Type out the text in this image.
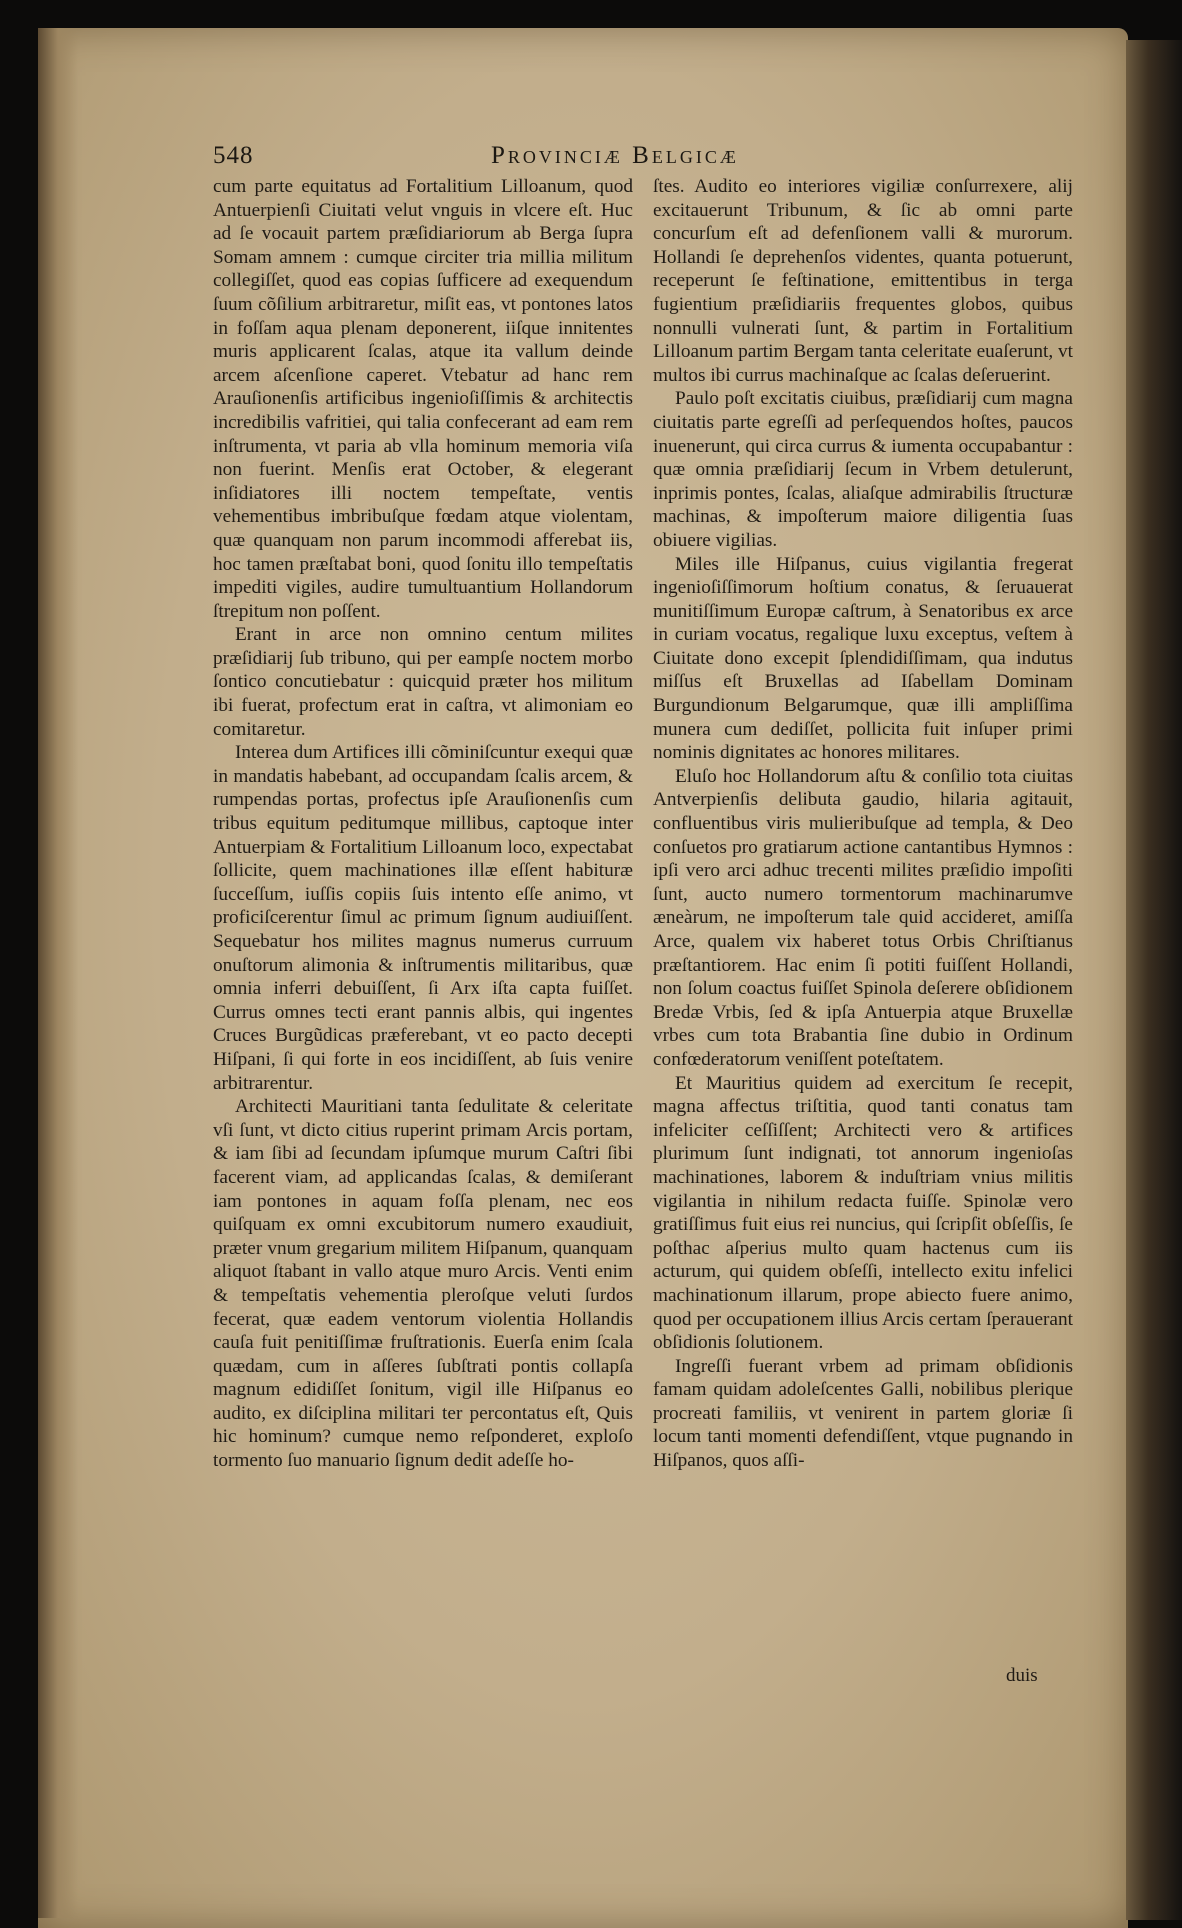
548	Provinciæ Belgicæ

cum parte equitatus ad Fortalitium Lilloanum, quod Antuerpienſi Ciuitati velut vnguis in vlcere eſt. Huc ad ſe vocauit partem præſidiariorum ab Berga ſupra Somam amnem : cumque circiter tria millia militum collegiſſet, quod eas copias ſufficere ad exequendum ſuum cõſilium arbitraretur, miſit eas, vt pontones latos in foſſam aqua plenam deponerent, iiſque innitentes muris applicarent ſcalas, atque ita vallum deinde arcem aſcenſione caperet. Vtebatur ad hanc rem Arauſionenſis artificibus ingenioſiſſimis & architectis incredibilis vafritiei, qui talia confecerant ad eam rem inſtrumenta, vt paria ab vlla hominum memoria viſa non fuerint. Menſis erat October, & elegerant inſidiatores illi noctem tempeſtate, ventis vehementibus imbribuſque fœdam atque violentam, quæ quanquam non parum incommodi afferebat iis, hoc tamen præſtabat boni, quod ſonitu illo tempeſtatis impediti vigiles, audire tumultuantium Hollandorum ſtrepitum non poſſent.

Erant in arce non omnino centum milites præſidiarij ſub tribuno, qui per eampſe noctem morbo ſontico concutiebatur : quicquid præter hos militum ibi fuerat, profectum erat in caſtra, vt alimoniam eo comitaretur.

Interea dum Artifices illi cõminiſcuntur exequi quæ in mandatis habebant, ad occupandam ſcalis arcem, & rumpendas portas, profectus ipſe Arauſionenſis cum tribus equitum peditumque millibus, captoque inter Antuerpiam & Fortalitium Lilloanum loco, expectabat ſollicite, quem machinationes illæ eſſent habituræ ſucceſſum, iuſſis copiis ſuis intento eſſe animo, vt proficiſcerentur ſimul ac primum ſignum audiuiſſent. Sequebatur hos milites magnus numerus curruum onuſtorum alimonia & inſtrumentis militaribus, quæ omnia inferri debuiſſent, ſi Arx iſta capta fuiſſet. Currus omnes tecti erant pannis albis, qui ingentes Cruces Burgũdicas præferebant, vt eo pacto decepti Hiſpani, ſi qui forte in eos incidiſſent, ab ſuis venire arbitrarentur.

Architecti Mauritiani tanta ſedulitate & celeritate vſi ſunt, vt dicto citius ruperint primam Arcis portam, & iam ſibi ad ſecundam ipſumque murum Caſtri ſibi facerent viam, ad applicandas ſcalas, & demiſerant iam pontones in aquam foſſa plenam, nec eos quiſquam ex omni excubitorum numero exaudiuit, præter vnum gregarium militem Hiſpanum, quanquam aliquot ſtabant in vallo atque muro Arcis. Venti enim & tempeſtatis vehementia pleroſque veluti ſurdos fecerat, quæ eadem ventorum violentia Hollandis cauſa fuit penitiſſimæ fruſtrationis. Euerſa enim ſcala quædam, cum in aſſeres ſubſtrati pontis collapſa magnum edidiſſet ſonitum, vigil ille Hiſpanus eo audito, ex diſciplina militari ter percontatus eſt, Quis hic hominum? cumque nemo reſponderet, exploſo tormento ſuo manuario ſignum dedit adeſſe ho-

ſtes. Audito eo interiores vigiliæ conſurrexere, alij excitauerunt Tribunum, & ſic ab omni parte concurſum eſt ad defenſionem valli & murorum. Hollandi ſe deprehenſos videntes, quanta potuerunt, receperunt ſe feſtinatione, emittentibus in terga fugientium præſidiariis frequentes globos, quibus nonnulli vulnerati ſunt, & partim in Fortalitium Lilloanum partim Bergam tanta celeritate euaſerunt, vt multos ibi currus machinaſque ac ſcalas deſeruerint.

Paulo poſt excitatis ciuibus, præſidiarij cum magna ciuitatis parte egreſſi ad perſequendos hoſtes, paucos inuenerunt, qui circa currus & iumenta occupabantur : quæ omnia præſidiarij ſecum in Vrbem detulerunt, inprimis pontes, ſcalas, aliaſque admirabilis ſtructuræ machinas, & impoſterum maiore diligentia ſuas obiuere vigilias.

Miles ille Hiſpanus, cuius vigilantia fregerat ingenioſiſſimorum hoſtium conatus, & ſeruauerat munitiſſimum Europæ caſtrum, à Senatoribus ex arce in curiam vocatus, regalique luxu exceptus, veſtem à Ciuitate dono excepit ſplendidiſſimam, qua indutus miſſus eſt Bruxellas ad Iſabellam Dominam Burgundionum Belgarumque, quæ illi ampliſſima munera cum dediſſet, pollicita fuit inſuper primi nominis dignitates ac honores militares.

Eluſo hoc Hollandorum aſtu & conſilio tota ciuitas Antverpienſis delibuta gaudio, hilaria agitauit, confluentibus viris mulieribuſque ad templa, & Deo conſuetos pro gratiarum actione cantantibus Hymnos : ipſi vero arci adhuc trecenti milites præſidio impoſiti ſunt, aucto numero tormentorum machinarumve æneàrum, ne impoſterum tale quid accideret, amiſſa Arce, qualem vix haberet totus Orbis Chriſtianus præſtantiorem. Hac enim ſi potiti fuiſſent Hollandi, non ſolum coactus fuiſſet Spinola deſerere obſidionem Bredæ Vrbis, ſed & ipſa Antuerpia atque Bruxellæ vrbes cum tota Brabantia ſine dubio in Ordinum confœderatorum veniſſent poteſtatem.

Et Mauritius quidem ad exercitum ſe recepit, magna affectus triſtitia, quod tanti conatus tam infeliciter ceſſiſſent; Architecti vero & artifices plurimum ſunt indignati, tot annorum ingenioſas machinationes, laborem & induſtriam vnius militis vigilantia in nihilum redacta fuiſſe. Spinolæ vero gratiſſimus fuit eius rei nuncius, qui ſcripſit obſeſſis, ſe poſthac aſperius multo quam hactenus cum iis acturum, qui quidem obſeſſi, intellecto exitu infelici machinationum illarum, prope abiecto fuere animo, quod per occupationem illius Arcis certam ſperauerant obſidionis ſolutionem.

Ingreſſi fuerant vrbem ad primam obſidionis famam quidam adoleſcentes Galli, nobilibus plerique procreati familiis, vt venirent in partem gloriæ ſi locum tanti momenti defendiſſent, vtque pugnando in Hiſpanos, quos aſſi-

duis
